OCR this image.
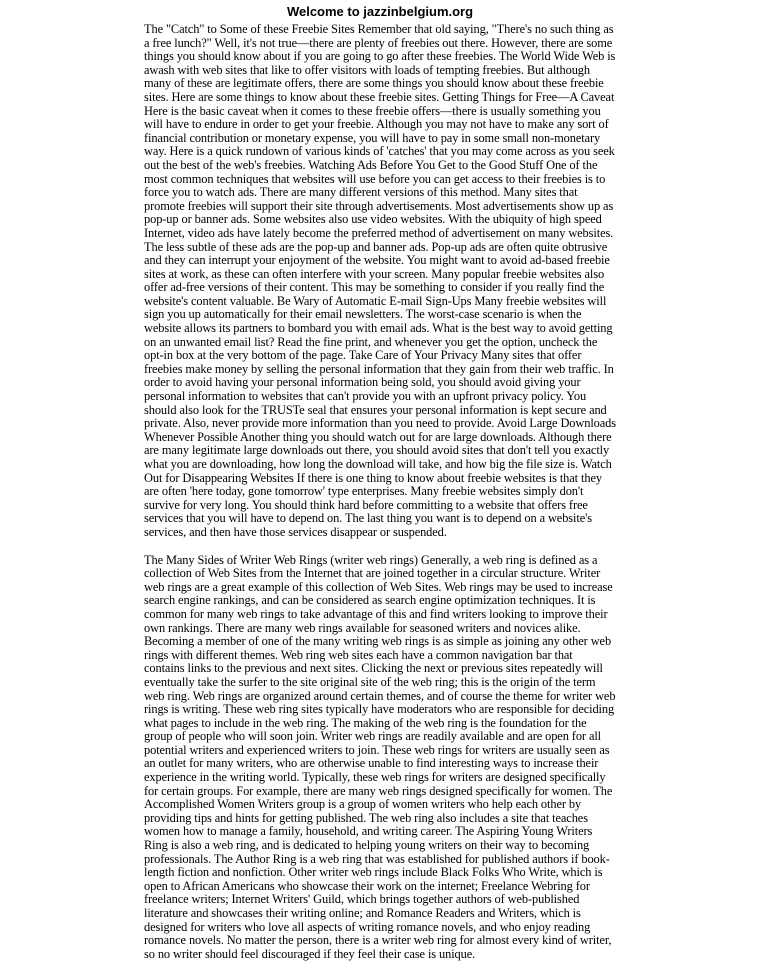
Welcome to jazzinbelgium.org

The "Catch" to Some of these Freebie Sites Remember that old saying, "There's no such thing as a free lunch?" Well, it's not true—there are plenty of freebies out there. However, there are some things you should know about if you are going to go after these freebies. The World Wide Web is awash with web sites that like to offer visitors with loads of tempting freebies. But although many of these are legitimate offers, there are some things you should know about these freebie sites. Here are some things to know about these freebie sites. Getting Things for Free—A Caveat Here is the basic caveat when it comes to these freebie offers—there is usually something you will have to endure in order to get your freebie. Although you may not have to make any sort of financial contribution or monetary expense, you will have to pay in some small non-monetary way. Here is a quick rundown of various kinds of 'catches' that you may come across as you seek out the best of the web's freebies. Watching Ads Before You Get to the Good Stuff One of the most common techniques that websites will use before you can get access to their freebies is to force you to watch ads. There are many different versions of this method. Many sites that promote freebies will support their site through advertisements. Most advertisements show up as pop-up or banner ads. Some websites also use video websites. With the ubiquity of high speed Internet, video ads have lately become the preferred method of advertisement on many websites. The less subtle of these ads are the pop-up and banner ads. Pop-up ads are often quite obtrusive and they can interrupt your enjoyment of the website. You might want to avoid ad-based freebie sites at work, as these can often interfere with your screen. Many popular freebie websites also offer ad-free versions of their content. This may be something to consider if you really find the website's content valuable. Be Wary of Automatic E-mail Sign-Ups Many freebie websites will sign you up automatically for their email newsletters. The worst-case scenario is when the website allows its partners to bombard you with email ads. What is the best way to avoid getting on an unwanted email list? Read the fine print, and whenever you get the option, uncheck the opt-in box at the very bottom of the page. Take Care of Your Privacy Many sites that offer freebies make money by selling the personal information that they gain from their web traffic. In order to avoid having your personal information being sold, you should avoid giving your personal information to websites that can't provide you with an upfront privacy policy. You should also look for the TRUSTe seal that ensures your personal information is kept secure and private. Also, never provide more information than you need to provide. Avoid Large Downloads Whenever Possible Another thing you should watch out for are large downloads. Although there are many legitimate large downloads out there, you should avoid sites that don't tell you exactly what you are downloading, how long the download will take, and how big the file size is. Watch Out for Disappearing Websites If there is one thing to know about freebie websites is that they are often 'here today, gone tomorrow' type enterprises. Many freebie websites simply don't survive for very long. You should think hard before committing to a website that offers free services that you will have to depend on. The last thing you want is to depend on a website's services, and then have those services disappear or suspended.

The Many Sides of Writer Web Rings (writer web rings) Generally, a web ring is defined as a collection of Web Sites from the Internet that are joined together in a circular structure. Writer web rings are a great example of this collection of Web Sites. Web rings may be used to increase search engine rankings, and can be considered as search engine optimization techniques. It is common for many web rings to take advantage of this and find writers looking to improve their own rankings. There are many web rings available for seasoned writers and novices alike. Becoming a member of one of the many writing web rings is as simple as joining any other web rings with different themes. Web ring web sites each have a common navigation bar that contains links to the previous and next sites. Clicking the next or previous sites repeatedly will eventually take the surfer to the site original site of the web ring; this is the origin of the term web ring. Web rings are organized around certain themes, and of course the theme for writer web rings is writing. These web ring sites typically have moderators who are responsible for deciding what pages to include in the web ring. The making of the web ring is the foundation for the group of people who will soon join. Writer web rings are readily available and are open for all potential writers and experienced writers to join. These web rings for writers are usually seen as an outlet for many writers, who are otherwise unable to find interesting ways to increase their experience in the writing world. Typically, these web rings for writers are designed specifically for certain groups. For example, there are many web rings designed specifically for women. The Accomplished Women Writers group is a group of women writers who help each other by providing tips and hints for getting published. The web ring also includes a site that teaches women how to manage a family, household, and writing career. The Aspiring Young Writers Ring is also a web ring, and is dedicated to helping young writers on their way to becoming professionals. The Author Ring is a web ring that was established for published authors if book-length fiction and nonfiction. Other writer web rings include Black Folks Who Write, which is open to African Americans who showcase their work on the internet; Freelance Webring for freelance writers; Internet Writers' Guild, which brings together authors of web-published literature and showcases their writing online; and Romance Readers and Writers, which is designed for writers who love all aspects of writing romance novels, and who enjoy reading romance novels. No matter the person, there is a writer web ring for almost every kind of writer, so no writer should feel discouraged if they feel their case is unique.
